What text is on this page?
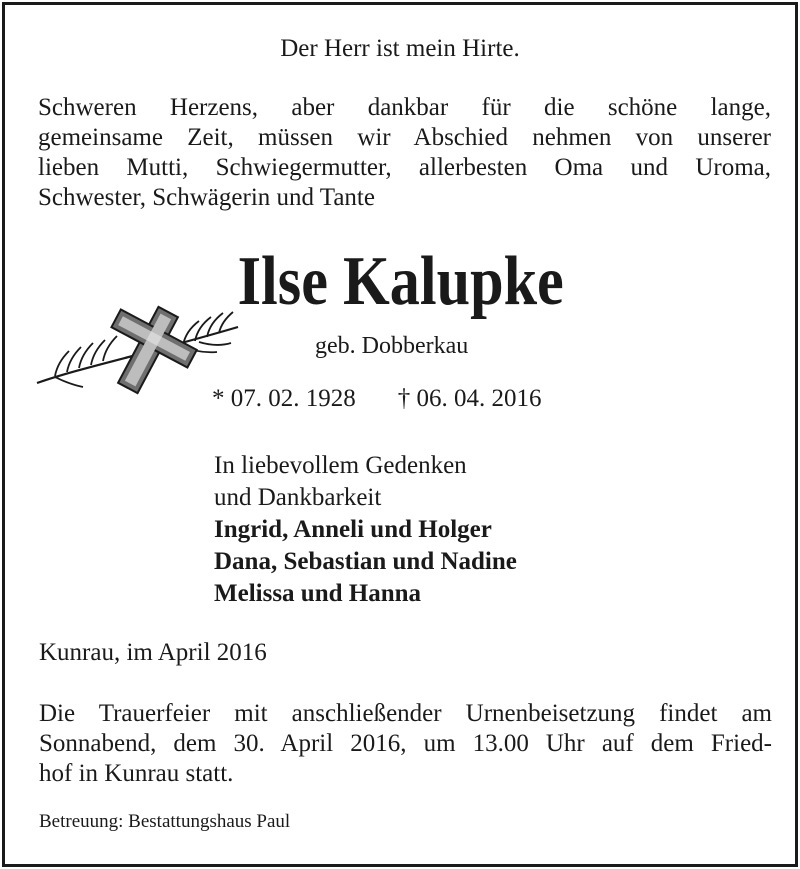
Der Herr ist mein Hirte.
Schweren Herzens, aber dankbar für die schöne lange,
gemeinsame Zeit, müssen wir Abschied nehmen von unserer
lieben Mutti, Schwiegermutter, allerbesten Oma und Uroma,
Schwester, Schwägerin und Tante
Ilse Kalupke
geb. Dobberkau
* 07. 02. 1928 † 06. 04. 2016
In liebevollem Gedenken
und Dankbarkeit
Ingrid, Anneli und Holger
Dana, Sebastian und Nadine
Melissa und Hanna
Kunrau, im April 2016
Die Trauerfeier mit anschließender Urnenbeisetzung findet am
Sonnabend, dem 30. April 2016, um 13.00 Uhr auf dem Fried-
hof in Kunrau statt.
Betreuung: Bestattungshaus Paul
